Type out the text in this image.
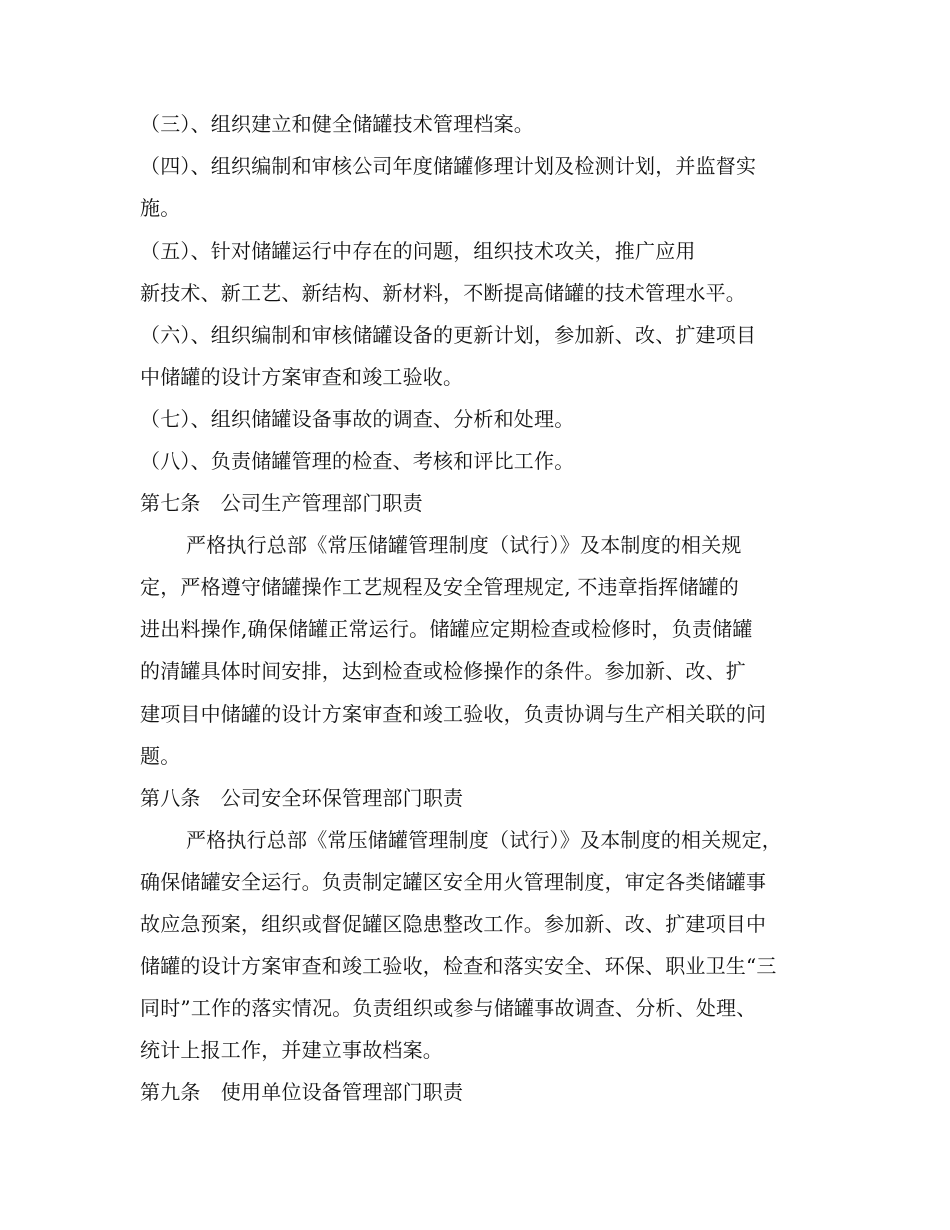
（三）、组织建立和健全储罐技术管理档案。
（四）、组织编制和审核公司年度储罐修理计划及检测计划，并监督实
施。
（五）、针对储罐运行中存在的问题，组织技术攻关，推广应用
新技术、新工艺、新结构、新材料，不断提高储罐的技术管理水平。
（六）、组织编制和审核储罐设备的更新计划，参加新、改、扩建项目
中储罐的设计方案审查和竣工验收。
（七）、组织储罐设备事故的调查、分析和处理。
（八）、负责储罐管理的检查、考核和评比工作。
第七条　公司生产管理部门职责
严格执行总部《常压储罐管理制度（试行）》及本制度的相关规
定，严格遵守储罐操作工艺规程及安全管理规定, 不违章指挥储罐的
进出料操作,确保储罐正常运行。储罐应定期检查或检修时，负责储罐
的清罐具体时间安排，达到检查或检修操作的条件。参加新、改、扩
建项目中储罐的设计方案审查和竣工验收，负责协调与生产相关联的问
题。
第八条　公司安全环保管理部门职责
严格执行总部《常压储罐管理制度（试行）》及本制度的相关规定，
确保储罐安全运行。负责制定罐区安全用火管理制度，审定各类储罐事
故应急预案，组织或督促罐区隐患整改工作。参加新、改、扩建项目中
储罐的设计方案审查和竣工验收，检查和落实安全、环保、职业卫生“三
同时”工作的落实情况。负责组织或参与储罐事故调查、分析、处理、
统计上报工作，并建立事故档案。
第九条　使用单位设备管理部门职责
